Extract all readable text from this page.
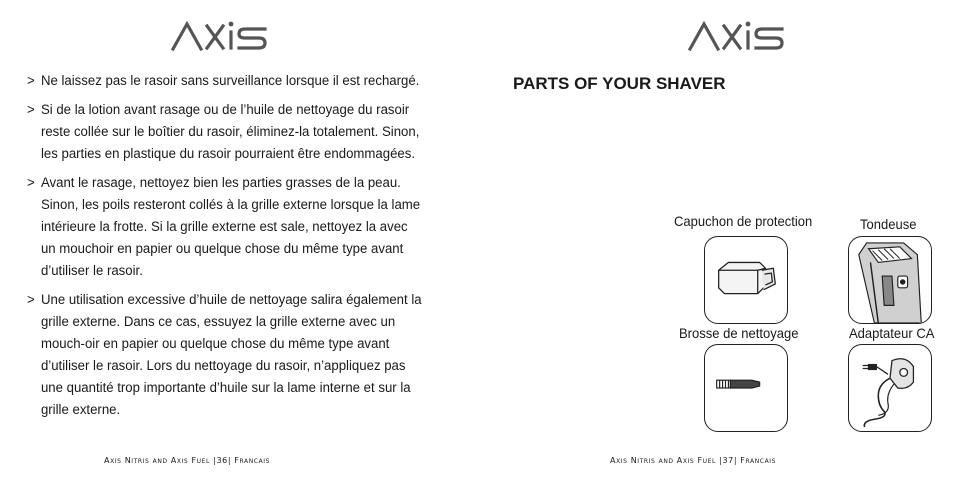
> Ne laissez pas le rasoir sans surveillance lorsque il est rechargé.
> Si de la lotion avant rasage ou de l’huile de nettoyage du rasoir reste collée sur le boîtier du rasoir, éliminez-la totalement. Sinon, les parties en plastique du rasoir pourraient être endommagées.
> Avant le rasage, nettoyez bien les parties grasses de la peau. Sinon, les poils resteront collés à la grille externe lorsque la lame intérieure la frotte. Si la grille externe est sale, nettoyez la avec un mouchoir en papier ou quelque chose du même type avant d’utiliser le rasoir.
> Une utilisation excessive d’huile de nettoyage salira également la grille externe. Dans ce cas, essuyez la grille externe avec un mouch-oir en papier ou quelque chose du même type avant d’utiliser le rasoir. Lors du nettoyage du rasoir, n’appliquez pas une quantité trop importante d’huile sur la lame interne et sur la grille externe.
Axis Nitris and Axis Fuel |36| Francais
PARTS OF YOUR SHAVER
Capuchon de protection	Tondeuse
Brosse de nettoyage	Adaptateur CA
Axis Nitris and Axis Fuel |37| Francais
